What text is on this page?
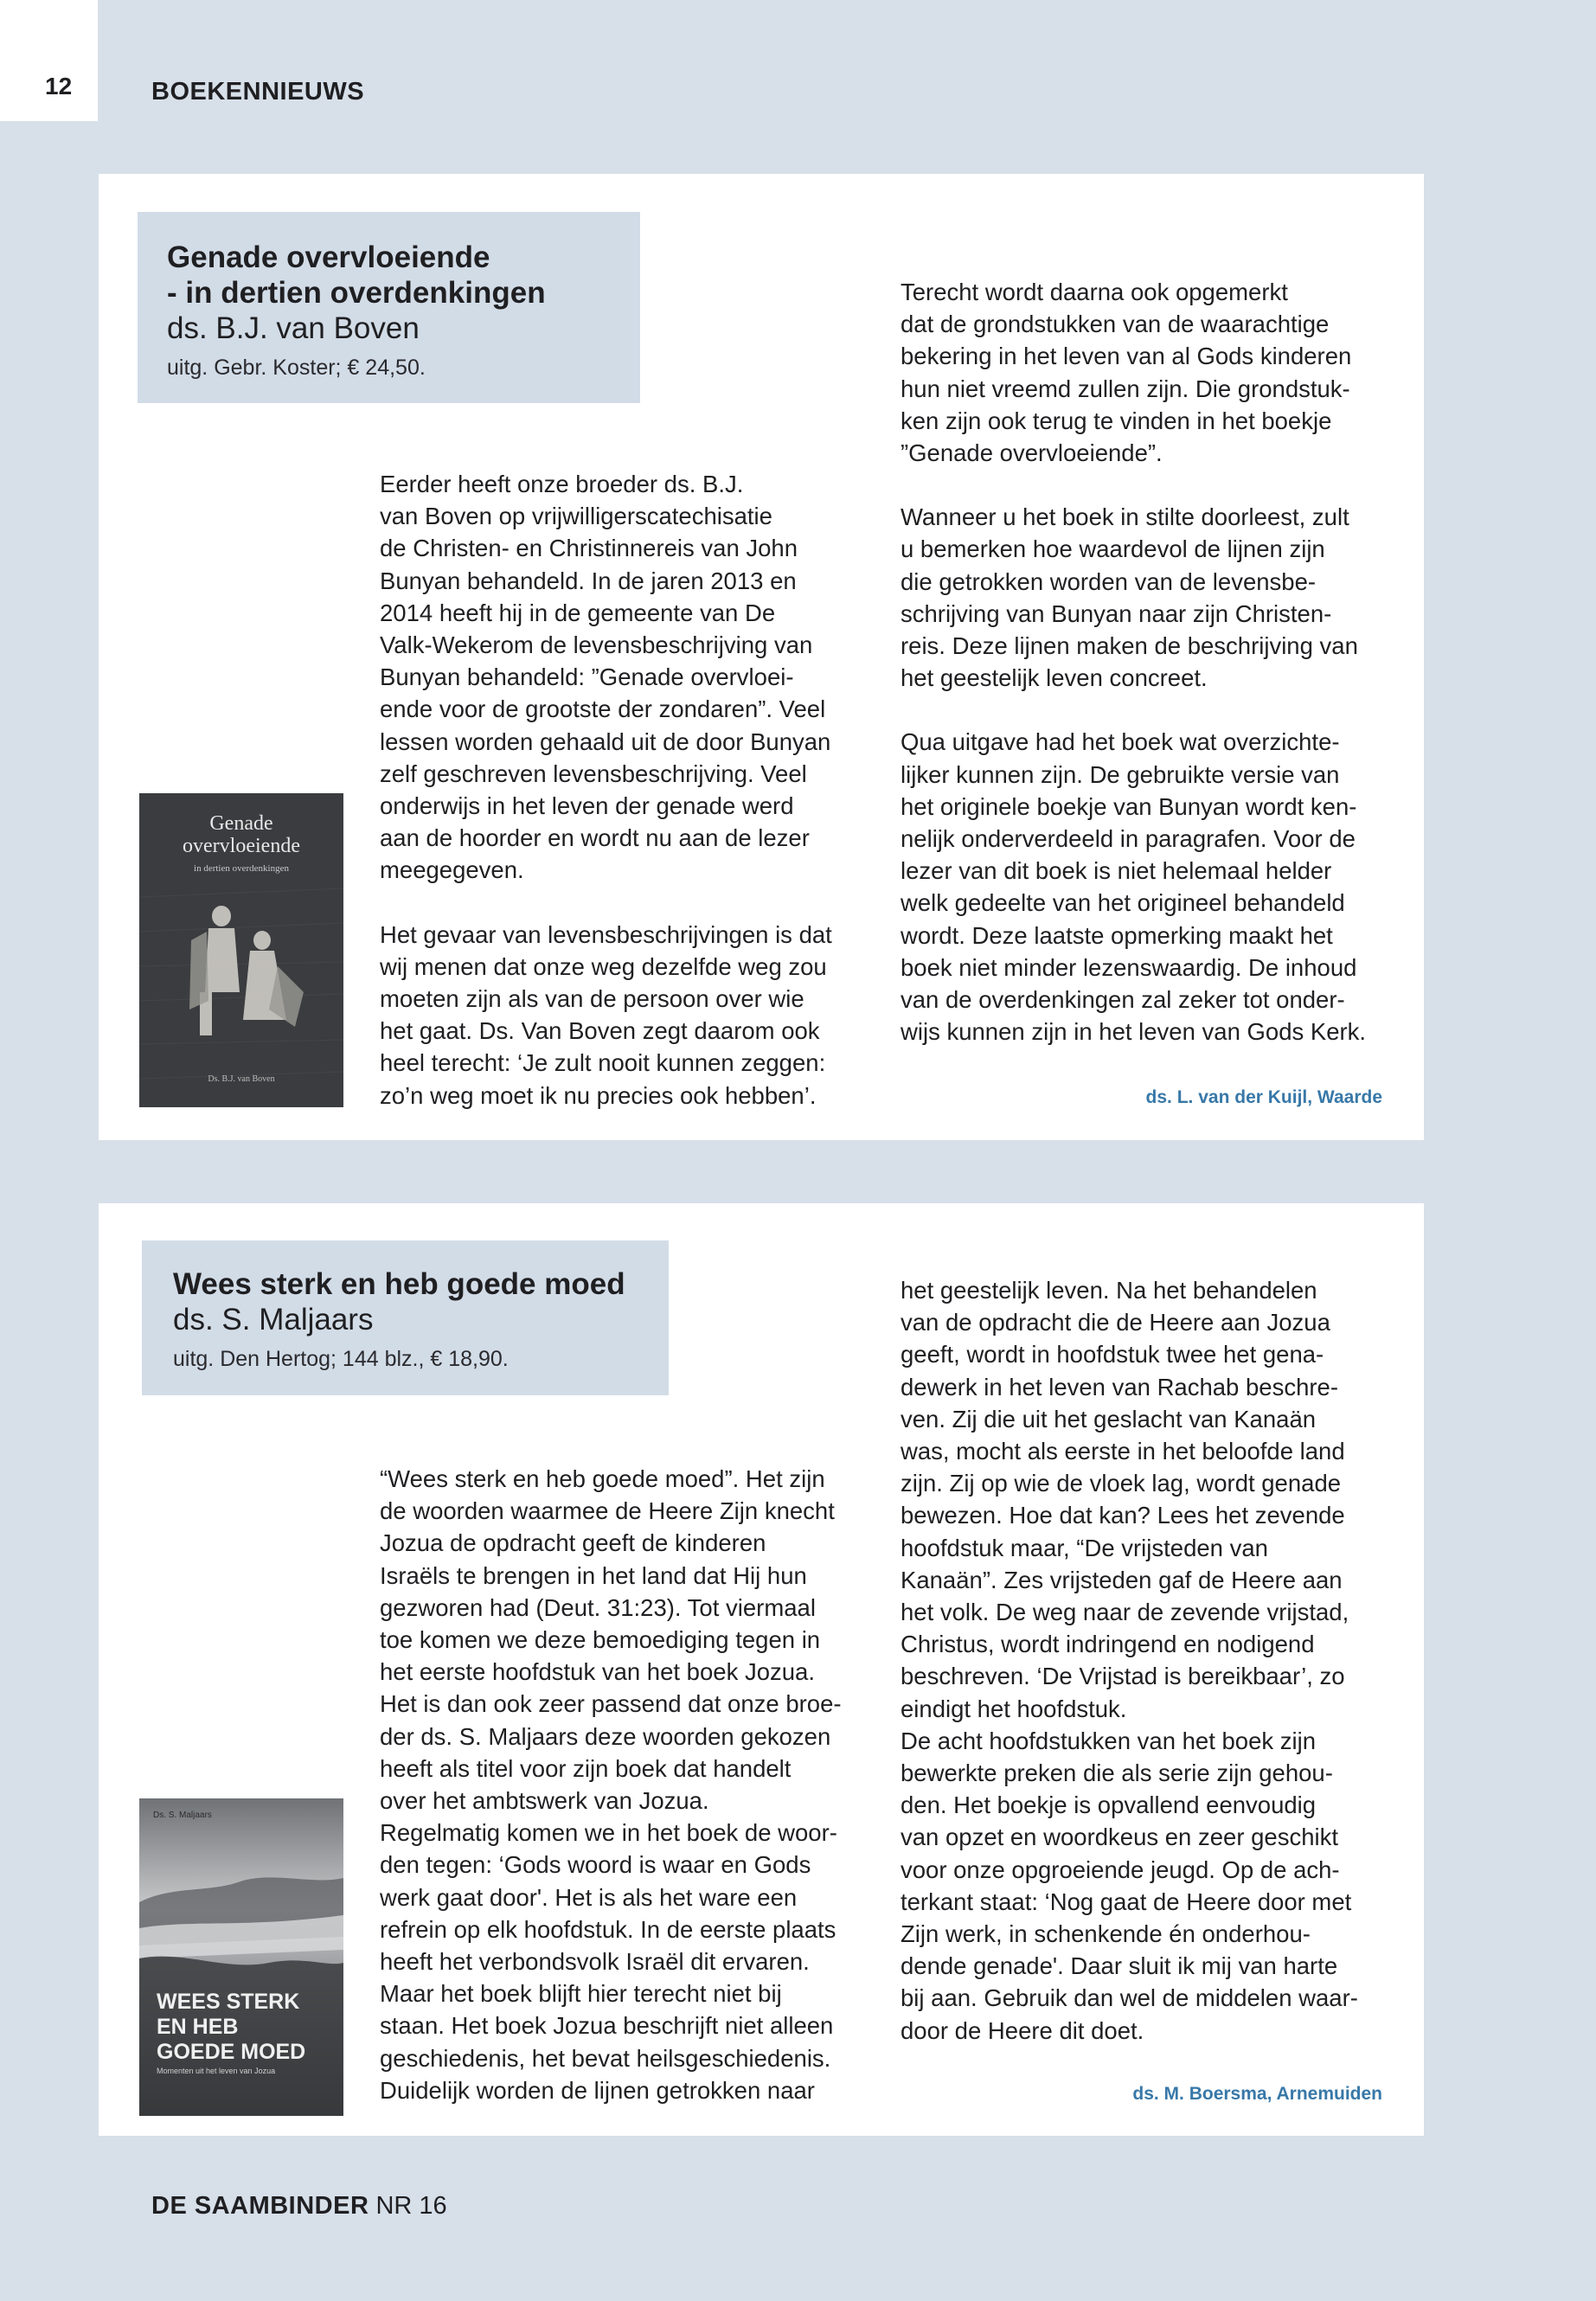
12	BOEKENNIEUWS
Genade overvloeiende
- in dertien overdenkingen
ds. B.J. van Boven
uitg. Gebr. Koster; € 24,50.
Genade
overvloeiende
in dertien overdenkingen
Ds. B.J. van Boven

Eerder heeft onze broeder ds. B.J.
van Boven op vrijwilligerscatechisatie
de Christen- en Christinnereis van John
Bunyan behandeld. In de jaren 2013 en
2014 heeft hij in de gemeente van De
Valk-Wekerom de levensbeschrijving van
Bunyan behandeld: ”Genade overvloei-
ende voor de grootste der zondaren”. Veel
lessen worden gehaald uit de door Bunyan
zelf geschreven levensbeschrijving. Veel
onderwijs in het leven der genade werd
aan de hoorder en wordt nu aan de lezer
meegegeven.

Het gevaar van levensbeschrijvingen is dat
wij menen dat onze weg dezelfde weg zou
moeten zijn als van de persoon over wie
het gaat. Ds. Van Boven zegt daarom ook
heel terecht: ‘Je zult nooit kunnen zeggen:
zo’n weg moet ik nu precies ook hebben’.

Terecht wordt daarna ook opgemerkt
dat de grondstukken van de waarachtige
bekering in het leven van al Gods kinderen
hun niet vreemd zullen zijn. Die grondstuk-
ken zijn ook terug te vinden in het boekje
”Genade overvloeiende”.

Wanneer u het boek in stilte doorleest, zult
u bemerken hoe waardevol de lijnen zijn
die getrokken worden van de levensbe-
schrijving van Bunyan naar zijn Christen-
reis. Deze lijnen maken de beschrijving van
het geestelijk leven concreet.

Qua uitgave had het boek wat overzichte-
lijker kunnen zijn. De gebruikte versie van
het originele boekje van Bunyan wordt ken-
nelijk onderverdeeld in paragrafen. Voor de
lezer van dit boek is niet helemaal helder
welk gedeelte van het origineel behandeld
wordt. Deze laatste opmerking maakt het
boek niet minder lezenswaardig. De inhoud
van de overdenkingen zal zeker tot onder-
wijs kunnen zijn in het leven van Gods Kerk.

ds. L. van der Kuijl, Waarde
Wees sterk en heb goede moed
ds. S. Maljaars
uitg. Den Hertog; 144 blz., € 18,90.
Ds. S. Maljaars
WEES STERK
EN HEB
GOEDE MOED
Momenten uit het leven van Jozua

“Wees sterk en heb goede moed”. Het zijn
de woorden waarmee de Heere Zijn knecht
Jozua de opdracht geeft de kinderen
Israëls te brengen in het land dat Hij hun
gezworen had (Deut. 31:23). Tot viermaal
toe komen we deze bemoediging tegen in
het eerste hoofdstuk van het boek Jozua.
Het is dan ook zeer passend dat onze broe-
der ds. S. Maljaars deze woorden gekozen
heeft als titel voor zijn boek dat handelt
over het ambtswerk van Jozua.
Regelmatig komen we in het boek de woor-
den tegen: ‘Gods woord is waar en Gods
werk gaat door'. Het is als het ware een
refrein op elk hoofdstuk. In de eerste plaats
heeft het verbondsvolk Israël dit ervaren.
Maar het boek blijft hier terecht niet bij
staan. Het boek Jozua beschrijft niet alleen
geschiedenis, het bevat heilsgeschiedenis.
Duidelijk worden de lijnen getrokken naar

het geestelijk leven. Na het behandelen
van de opdracht die de Heere aan Jozua
geeft, wordt in hoofdstuk twee het gena-
dewerk in het leven van Rachab beschre-
ven. Zij die uit het geslacht van Kanaän
was, mocht als eerste in het beloofde land
zijn. Zij op wie de vloek lag, wordt genade
bewezen. Hoe dat kan? Lees het zevende
hoofdstuk maar, “De vrijsteden van
Kanaän”. Zes vrijsteden gaf de Heere aan
het volk. De weg naar de zevende vrijstad,
Christus, wordt indringend en nodigend
beschreven. ‘De Vrijstad is bereikbaar’, zo
eindigt het hoofdstuk.
De acht hoofdstukken van het boek zijn
bewerkte preken die als serie zijn gehou-
den. Het boekje is opvallend eenvoudig
van opzet en woordkeus en zeer geschikt
voor onze opgroeiende jeugd. Op de ach-
terkant staat: ‘Nog gaat de Heere door met
Zijn werk, in schenkende én onderhou-
dende genade'. Daar sluit ik mij van harte
bij aan. Gebruik dan wel de middelen waar-
door de Heere dit doet.

ds. M. Boersma, Arnemuiden
DE SAAMBINDER NR 16
